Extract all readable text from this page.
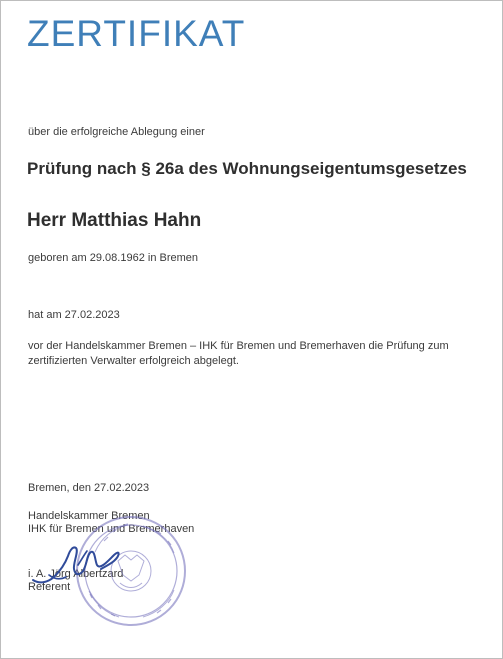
ZERTIFIKAT
über die erfolgreiche Ablegung einer
Prüfung nach § 26a des Wohnungseigentumsgesetzes
Herr Matthias Hahn
geboren am 29.08.1962 in Bremen
hat am 27.02.2023
vor der Handelskammer Bremen – IHK für Bremen und Bremerhaven die Prüfung zum
zertifizierten Verwalter erfolgreich abgelegt.
Bremen, den 27.02.2023
Handelskammer Bremen
IHK für Bremen und Bremerhaven
i. A. Jörg Albertzard
Referent
